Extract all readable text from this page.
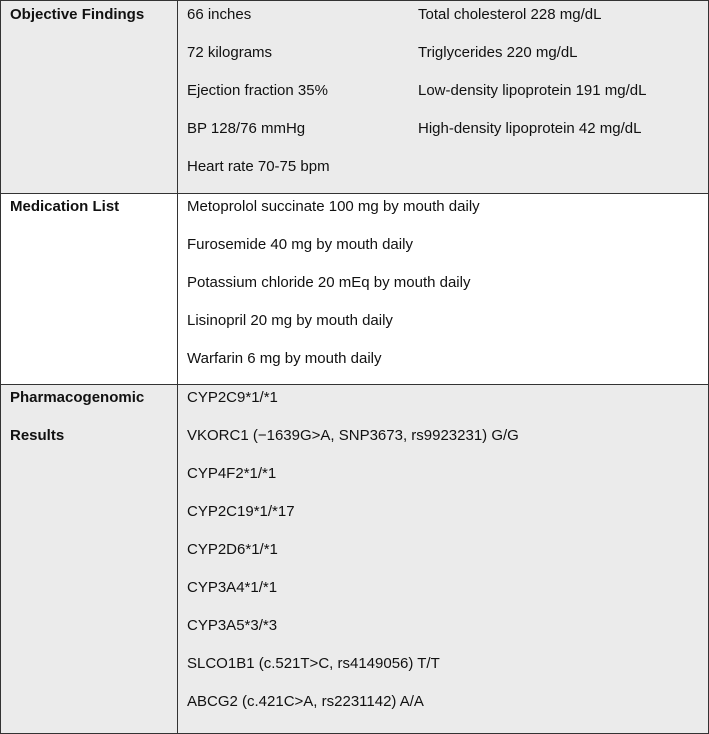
Objective Findings	66 inches
72 kilograms
Ejection fraction 35%
BP 128/76 mmHg
Heart rate 70-75 bpm
Total cholesterol 228 mg/dL
Triglycerides 220 mg/dL
Low-density lipoprotein 191 mg/dL
High-density lipoprotein 42 mg/dL
Medication List	Metoprolol succinate 100 mg by mouth daily
Furosemide 40 mg by mouth daily
Potassium chloride 20 mEq by mouth daily
Lisinopril 20 mg by mouth daily
Warfarin 6 mg by mouth daily
Pharmacogenomic
Results
CYP2C9*1/*1
VKORC1 (−1639G>A, SNP3673, rs9923231) G/G
CYP4F2*1/*1
CYP2C19*1/*17
CYP2D6*1/*1
CYP3A4*1/*1
CYP3A5*3/*3
SLCO1B1 (c.521T>C, rs4149056) T/T
ABCG2 (c.421C>A, rs2231142) A/A
